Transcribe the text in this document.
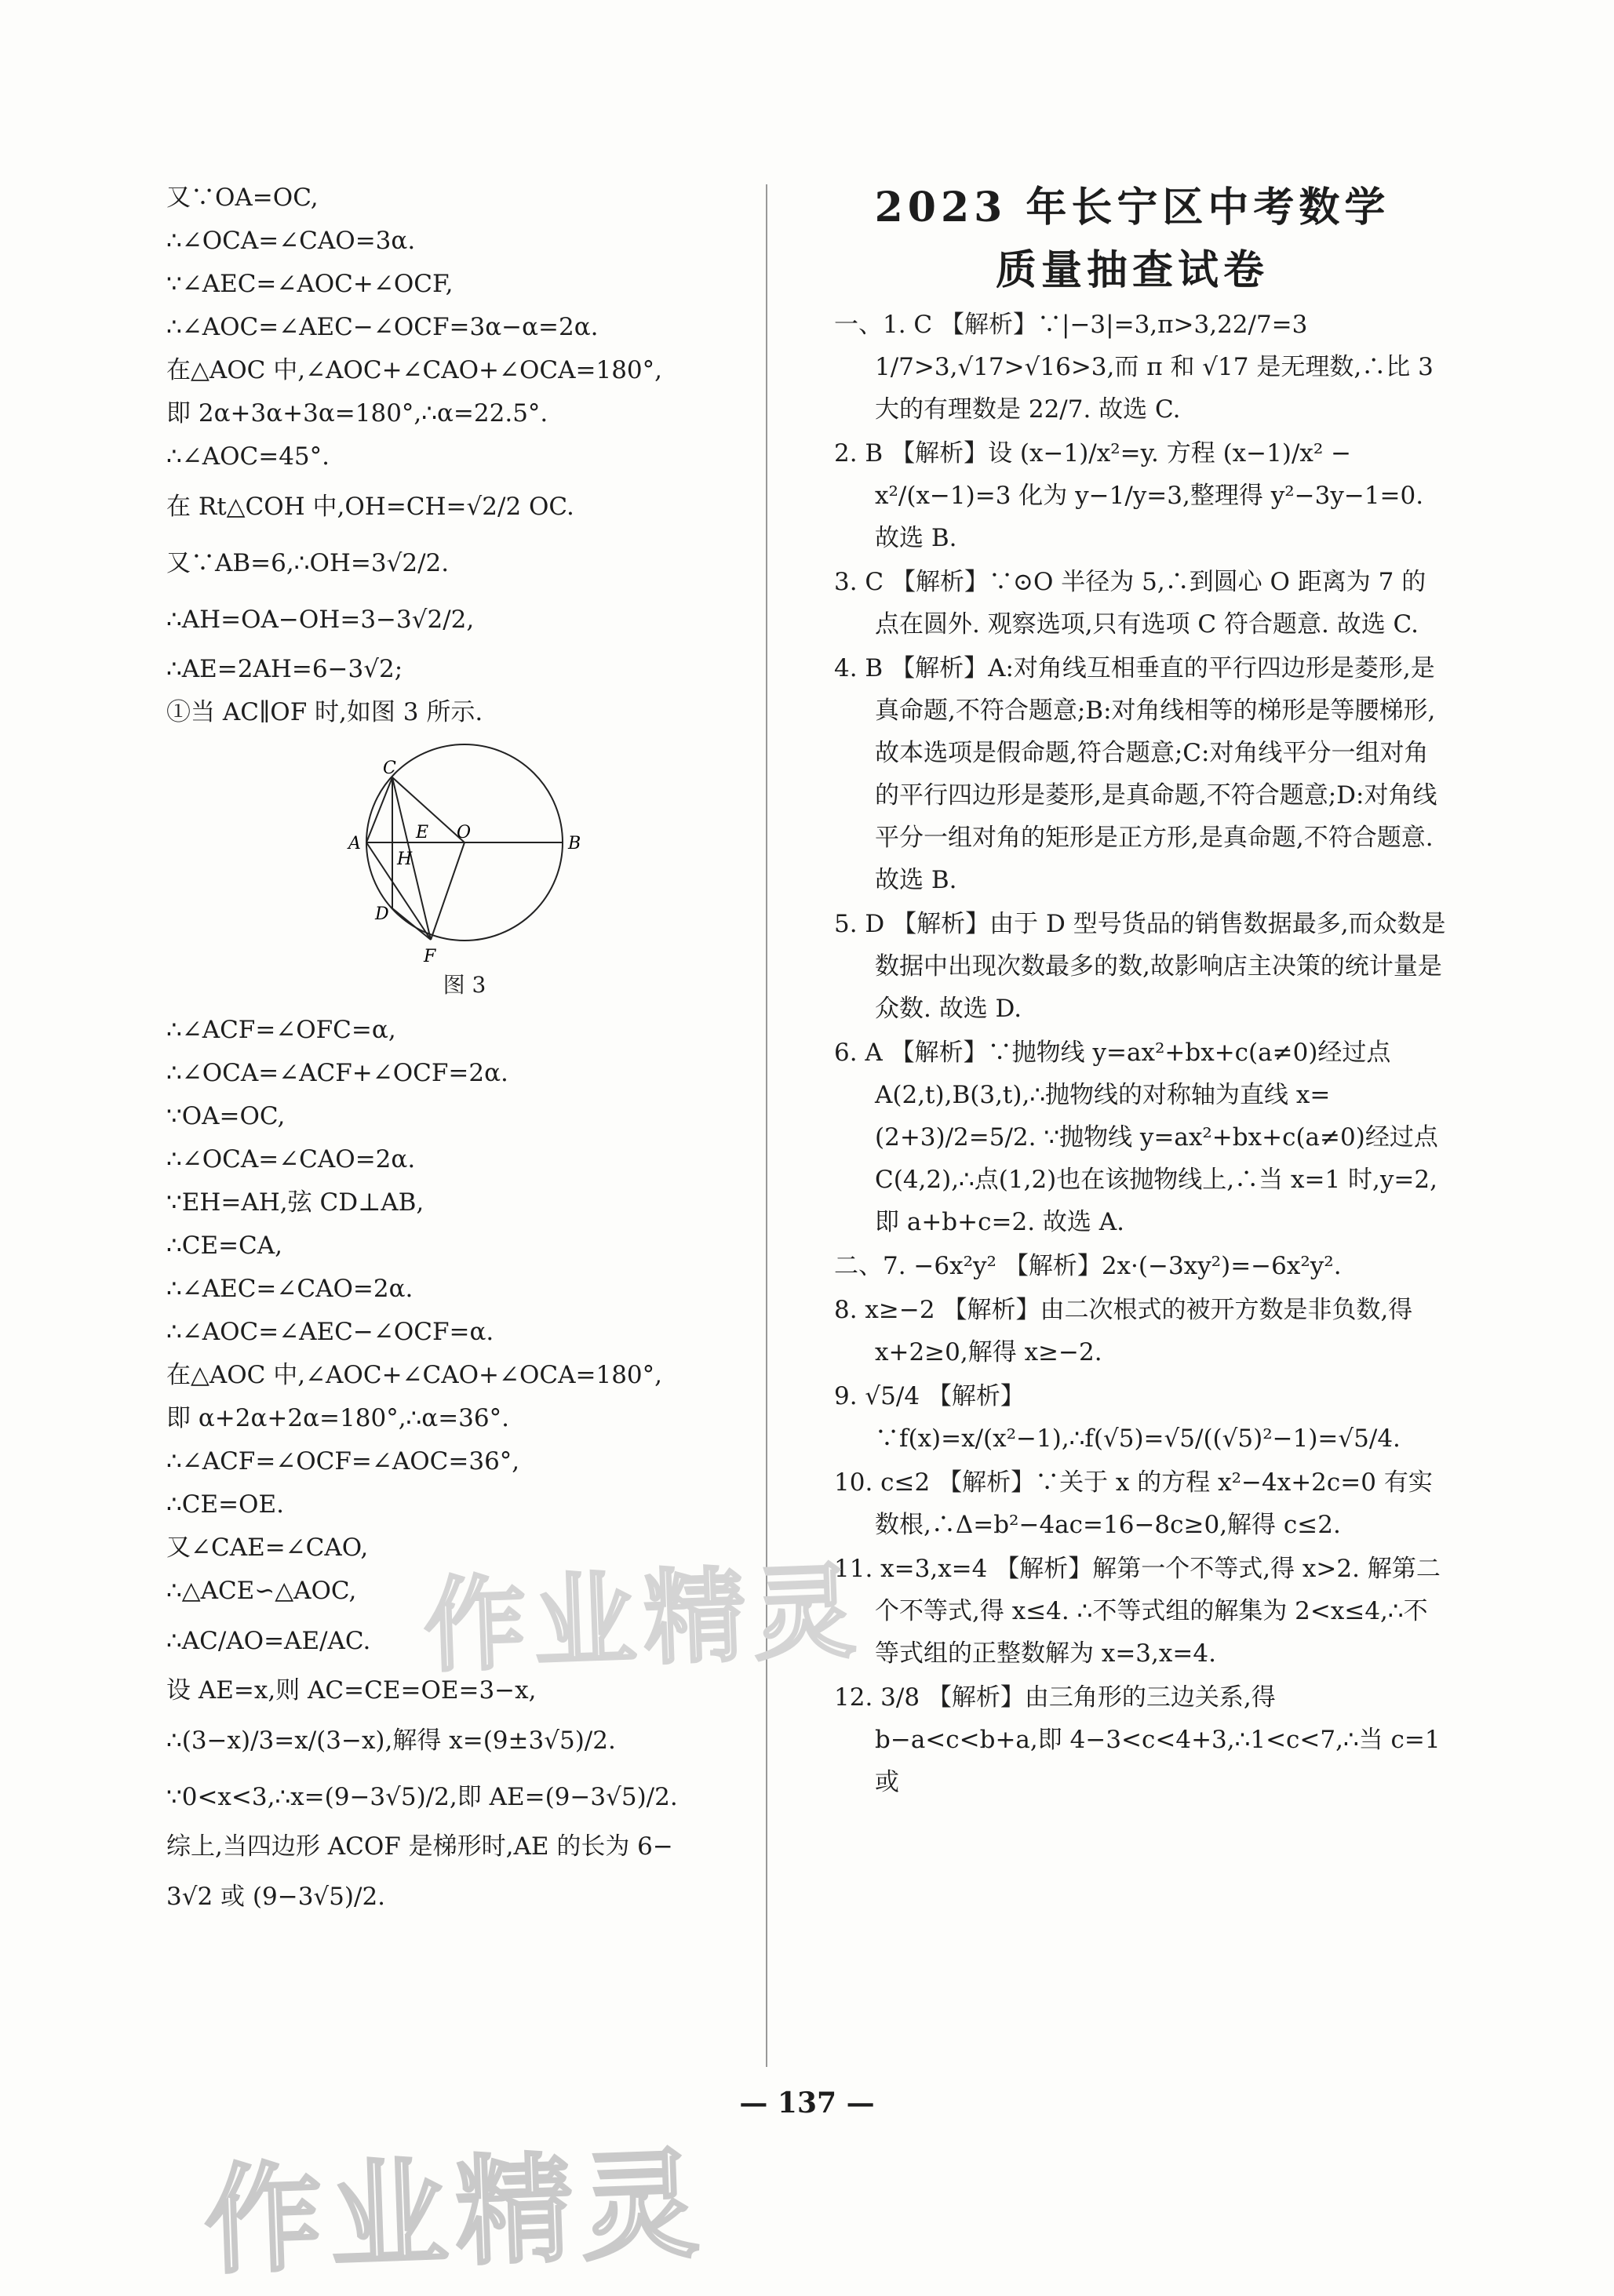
又∵OA=OC,
∴∠OCA=∠CAO=3α.
∵∠AEC=∠AOC+∠OCF,
∴∠AOC=∠AEC−∠OCF=3α−α=2α.
在△AOC 中,∠AOC+∠CAO+∠OCA=180°,
即 2α+3α+3α=180°,∴α=22.5°.
∴∠AOC=45°.
在 Rt△COH 中,OH=CH=√2/2 OC.
又∵AB=6,∴OH=3√2/2.
∴AH=OA−OH=3−3√2/2,
∴AE=2AH=6−3√2;
①当 AC∥OF 时,如图 3 所示.
C
A
E O
B
H
D
F
图 3
∴∠ACF=∠OFC=α,
∴∠OCA=∠ACF+∠OCF=2α.
∵OA=OC,
∴∠OCA=∠CAO=2α.
∵EH=AH,弦 CD⊥AB,
∴CE=CA,
∴∠AEC=∠CAO=2α.
∴∠AOC=∠AEC−∠OCF=α.
在△AOC 中,∠AOC+∠CAO+∠OCA=180°,
即 α+2α+2α=180°,∴α=36°.
∴∠ACF=∠OCF=∠AOC=36°,
∴CE=OE.
又∠CAE=∠CAO,
∴△ACE∽△AOC,
∴AC/AO=AE/AC.
设 AE=x,则 AC=CE=OE=3−x,
∴(3−x)/3=x/(3−x),解得 x=(9±3√5)/2.
∵0<x<3,∴x=(9−3√5)/2,即 AE=(9−3√5)/2.
综上,当四边形 ACOF 是梯形时,AE 的长为 6−
3√2 或 (9−3√5)/2.
2023 年长宁区中考数学
质量抽查试卷
一、1. C 【解析】∵|−3|=3,π>3,22/7=3 1/7>3,√17>√16>3,而 π 和 √17 是无理数,∴比 3 大的有理数是 22/7. 故选 C.
2. B 【解析】设 (x−1)/x²=y. 方程 (x−1)/x² − x²/(x−1)=3 化为 y−1/y=3,整理得 y²−3y−1=0. 故选 B.
3. C 【解析】∵⊙O 半径为 5,∴到圆心 O 距离为 7 的点在圆外. 观察选项,只有选项 C 符合题意. 故选 C.
4. B 【解析】A:对角线互相垂直的平行四边形是菱形,是真命题,不符合题意;B:对角线相等的梯形是等腰梯形,故本选项是假命题,符合题意;C:对角线平分一组对角的平行四边形是菱形,是真命题,不符合题意;D:对角线平分一组对角的矩形是正方形,是真命题,不符合题意. 故选 B.
5. D 【解析】由于 D 型号货品的销售数据最多,而众数是数据中出现次数最多的数,故影响店主决策的统计量是众数. 故选 D.
6. A 【解析】∵抛物线 y=ax²+bx+c(a≠0)经过点 A(2,t),B(3,t),∴抛物线的对称轴为直线 x=(2+3)/2=5/2. ∵抛物线 y=ax²+bx+c(a≠0)经过点 C(4,2),∴点(1,2)也在该抛物线上,∴当 x=1 时,y=2,即 a+b+c=2. 故选 A.
二、7. −6x²y² 【解析】2x·(−3xy²)=−6x²y².
8. x≥−2 【解析】由二次根式的被开方数是非负数,得 x+2≥0,解得 x≥−2.
9. √5/4 【解析】∵f(x)=x/(x²−1),∴f(√5)=√5/((√5)²−1)=√5/4.
10. c≤2 【解析】∵关于 x 的方程 x²−4x+2c=0 有实数根,∴Δ=b²−4ac=16−8c≥0,解得 c≤2.
11. x=3,x=4 【解析】解第一个不等式,得 x>2. 解第二个不等式,得 x≤4. ∴不等式组的解集为 2<x≤4,∴不等式组的正整数解为 x=3,x=4.
12. 3/8 【解析】由三角形的三边关系,得 b−a<c<b+a,即 4−3<c<4+3,∴1<c<7,∴当 c=1 或
— 137 —
作业精灵
作业精灵
